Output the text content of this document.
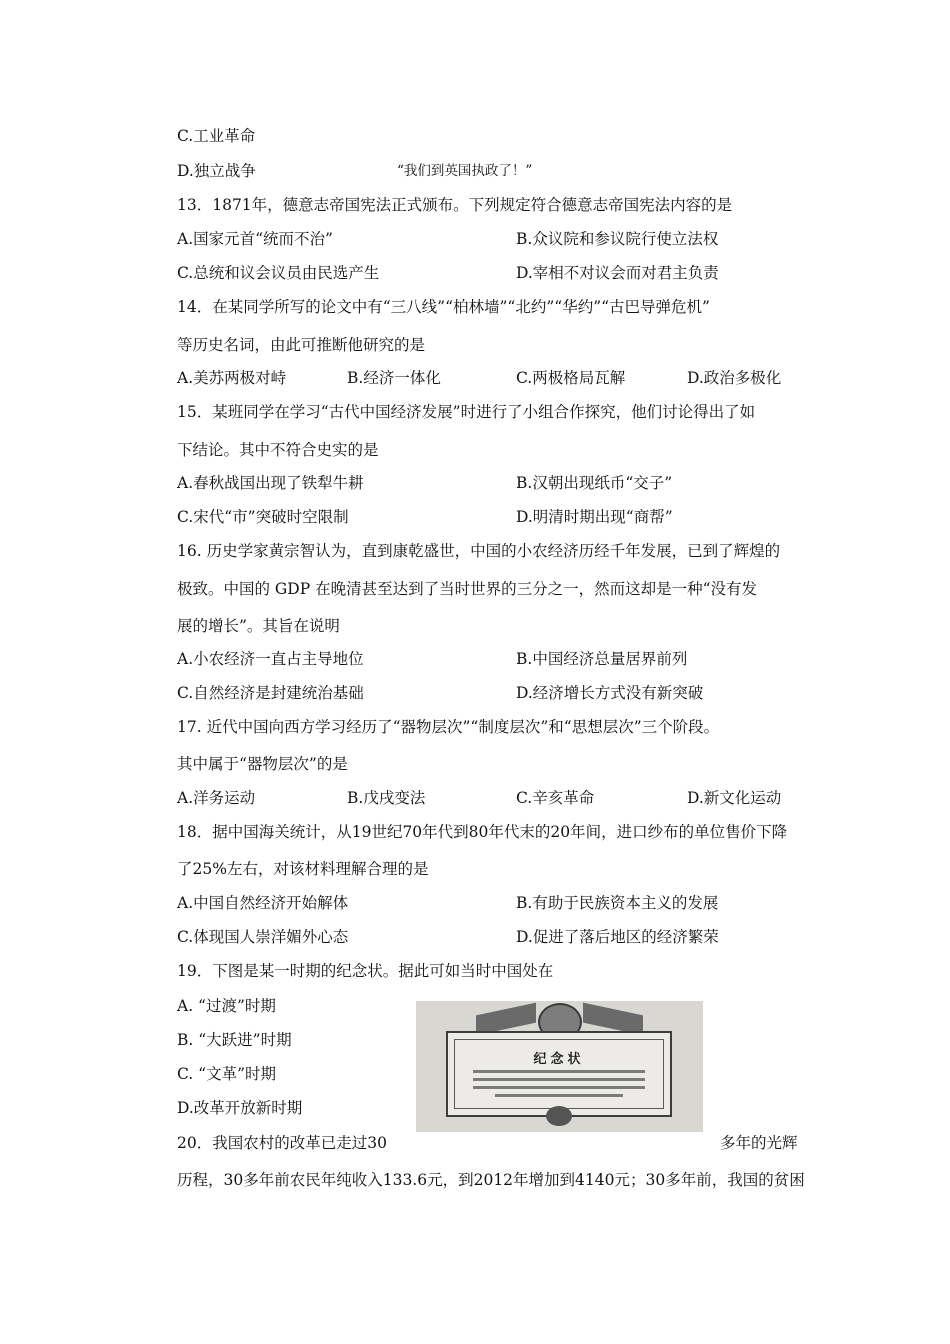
C.工业革命
D.独立战争	“我们到英国执政了！”
13．1871年，德意志帝国宪法正式颁布。下列规定符合德意志帝国宪法内容的是
A.国家元首“统而不治”	B.众议院和参议院行使立法权
C.总统和议会议员由民选产生	D.宰相不对议会而对君主负责
14．在某同学所写的论文中有“三八线”“柏林墙”“北约”“华约”“古巴导弹危机”
等历史名词，由此可推断他研究的是
A.美苏两极对峙	B.经济一体化	C.两极格局瓦解	D.政治多极化
15．某班同学在学习“古代中国经济发展”时进行了小组合作探究，他们讨论得出了如
下结论。其中不符合史实的是
A.春秋战国出现了铁犁牛耕	B.汉朝出现纸币“交子”
C.宋代“市”突破时空限制	D.明清时期出现“商帮”
16. 历史学家黄宗智认为，直到康乾盛世，中国的小农经济历经千年发展，已到了辉煌的
极致。中国的 GDP 在晚清甚至达到了当时世界的三分之一，然而这却是一种“没有发
展的增长”。其旨在说明
A.小农经济一直占主导地位	B.中国经济总量居界前列
C.自然经济是封建统治基础	D.经济增长方式没有新突破
17. 近代中国向西方学习经历了“器物层次”“制度层次”和“思想层次”三个阶段。
其中属于“器物层次”的是
A.洋务运动	B.戊戌变法	C.辛亥革命	D.新文化运动
18．据中国海关统计，从19世纪70年代到80年代末的20年间，进口纱布的单位售价下降
了25%左右，对该材料理解合理的是
A.中国自然经济开始解体	B.有助于民族资本主义的发展
C.体现国人崇洋媚外心态	D.促进了落后地区的经济繁荣
19．下图是某一时期的纪念状。据此可如当时中国处在
A. “过渡”时期
B. “大跃进”时期
C. “文革”时期
D.改革开放新时期
纪念状
20．我国农村的改革已走过30	多年的光辉
历程，30多年前农民年纯收入133.6元，到2012年增加到4140元；30多年前，我国的贫困
